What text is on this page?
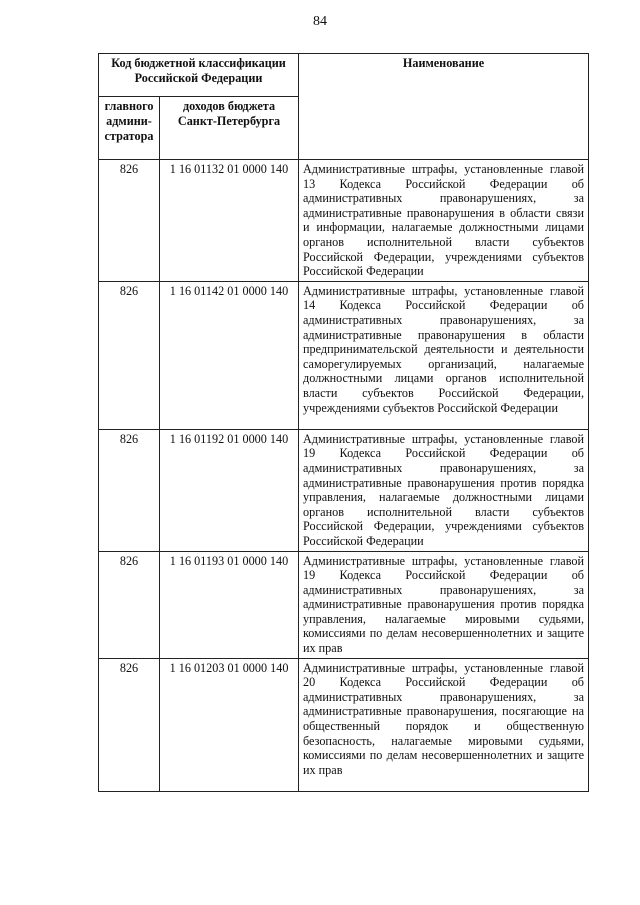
84
Код бюджетной классификации Российской Федерации		Наименование
главного админи-стратора	доходов бюджета Санкт-Петербурга	
826	1 16 01132 01 0000 140	Административные штрафы, установленные главой 13 Кодекса Российской Федерации об административных правонарушениях, за административные правонарушения в области связи и информации, налагаемые должностными лицами органов исполнительной власти субъектов Российской Федерации, учреждениями субъектов Российской Федерации
826	1 16 01142 01 0000 140	Административные штрафы, установленные главой 14 Кодекса Российской Федерации об административных правонарушениях, за административные правонарушения в области предпринимательской деятельности и деятельности саморегулируемых организаций, налагаемые должностными лицами органов исполнительной власти субъектов Российской Федерации, учреждениями субъектов Российской Федерации
826	1 16 01192 01 0000 140	Административные штрафы, установленные главой 19 Кодекса Российской Федерации об административных правонарушениях, за административные правонарушения против порядка управления, налагаемые должностными лицами органов исполнительной власти субъектов Российской Федерации, учреждениями субъектов Российской Федерации
826	1 16 01193 01 0000 140	Административные штрафы, установленные главой 19 Кодекса Российской Федерации об административных правонарушениях, за административные правонарушения против порядка управления, налагаемые мировыми судьями, комиссиями по делам несовершеннолетних и защите их прав
826	1 16 01203 01 0000 140	Административные штрафы, установленные главой 20 Кодекса Российской Федерации об административных правонарушениях, за административные правонарушения, посягающие на общественный порядок и общественную безопасность, налагаемые мировыми судьями, комиссиями по делам несовершеннолетних и защите их прав
